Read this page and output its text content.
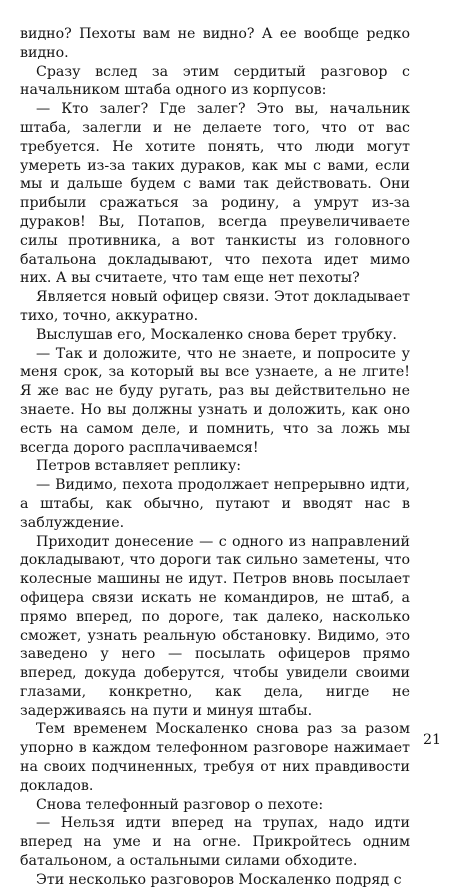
видно? Пехоты вам не видно? А ее вообще редко видно.

Сразу вслед за этим сердитый разговор с начальником штаба одного из корпусов:

— Кто залег? Где залег? Это вы, начальник штаба, залегли и не делаете того, что от вас требуется. Не хотите понять, что люди могут умереть из-за таких дураков, как мы с вами, если мы и дальше будем с вами так действовать. Они прибыли сражаться за родину, а умрут из-за дураков! Вы, Потапов, всегда преувеличиваете силы противника, а вот танкисты из головного батальона докладывают, что пехота идет мимо них. А вы считаете, что там еще нет пехоты?

Является новый офицер связи. Этот докладывает тихо, точно, аккуратно.

Выслушав его, Москаленко снова берет трубку.

— Так и доложите, что не знаете, и попросите у меня срок, за который вы все узнаете, а не лгите! Я же вас не буду ругать, раз вы действительно не знаете. Но вы должны узнать и доложить, как оно есть на самом деле, и помнить, что за ложь мы всегда дорого расплачиваемся!

Петров вставляет реплику:

— Видимо, пехота продолжает непрерывно идти, а штабы, как обычно, путают и вводят нас в заблуждение.

Приходит донесение — с одного из направлений докладывают, что дороги так сильно заметены, что колесные машины не идут. Петров вновь посылает офицера связи искать не командиров, не штаб, а прямо вперед, по дороге, так далеко, насколько сможет, узнать реальную обстановку. Видимо, это заведено у него — посылать офицеров прямо вперед, докуда доберутся, чтобы увидели своими глазами, конкретно, как дела, нигде не задерживаясь на пути и минуя штабы.

Тем временем Москаленко снова раз за разом упорно в каждом телефонном разговоре нажимает на своих подчиненных, требуя от них правдивости докладов.

Снова телефонный разговор о пехоте:

— Нельзя идти вперед на трупах, надо идти вперед на уме и на огне. Прикройтесь одним батальоном, а остальными силами обходите.

Эти несколько разговоров Москаленко подряд с

21
